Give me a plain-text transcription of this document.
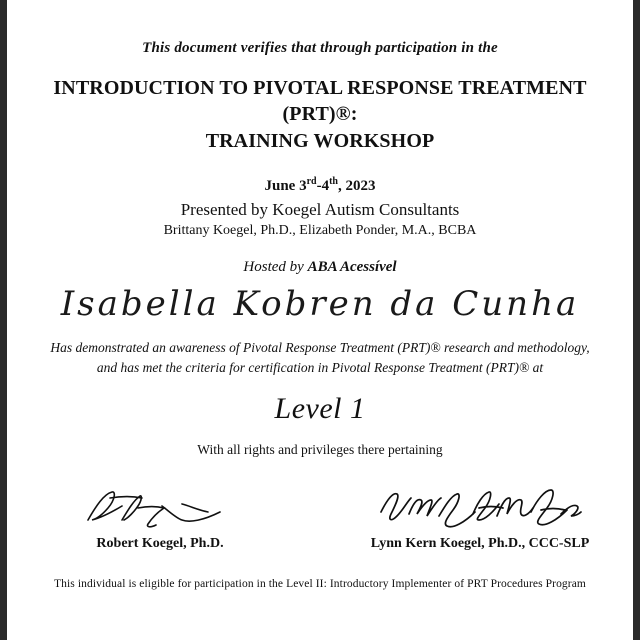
This document verifies that through participation in the
INTRODUCTION TO PIVOTAL RESPONSE TREATMENT (PRT)®:
TRAINING WORKSHOP
June 3rd-4th, 2023
Presented by Koegel Autism Consultants
Brittany Koegel, Ph.D., Elizabeth Ponder, M.A., BCBA
Hosted by ABA Acessível
Isabella Kobren da Cunha
Has demonstrated an awareness of Pivotal Response Treatment (PRT)® research and methodology,
and has met the criteria for certification in Pivotal Response Treatment (PRT)® at
Level 1
With all rights and privileges there pertaining
Robert Koegel, Ph.D.	Lynn Kern Koegel, Ph.D., CCC-SLP
This individual is eligible for participation in the Level II: Introductory Implementer of PRT Procedures Program
